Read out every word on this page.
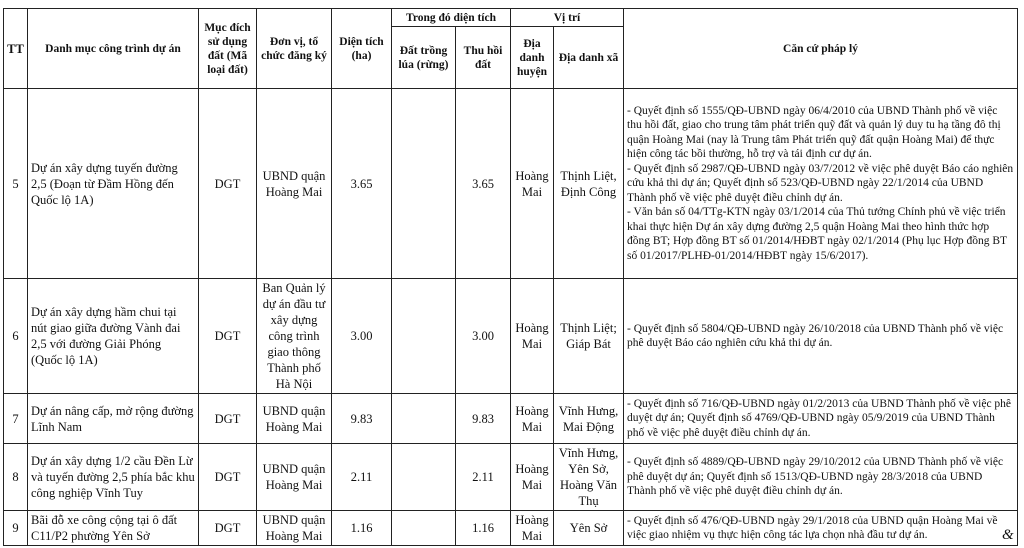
TT	Danh mục công trình dự án	Mục đích sử dụng đất (Mã loại đất)	Đơn vị, tổ chức đăng ký	Diện tích (ha)	Trong đó diện tích		Vị trí		Căn cứ pháp lý
					Đất trồng lúa (rừng)	Thu hồi đất	Địa danh huyện	Địa danh xã	
5	Dự án xây dựng tuyến đường 2,5 (Đoạn từ Đầm Hồng đến Quốc lộ 1A)	DGT	UBND quận Hoàng Mai	3.65		3.65	Hoàng Mai	Thịnh Liệt, Định Công	- Quyết định số 1555/QĐ-UBND ngày 06/4/2010 của UBND Thành phố về việc thu hồi đất, giao cho trung tâm phát triển quỹ đất và quản lý duy tu hạ tầng đô thị quận Hoàng Mai (nay là Trung tâm Phát triển quỹ đất quận Hoàng Mai) để thực hiện công tác bồi thường, hỗ trợ và tái định cư dự án.
- Quyết định số 2987/QĐ-UBND ngày 03/7/2012 về việc phê duyệt Báo cáo nghiên cứu khả thi dự án; Quyết định số 523/QĐ-UBND ngày 22/1/2014 của UBND Thành phố về việc phê duyệt điều chỉnh dự án.
- Văn bản số 04/TTg-KTN ngày 03/1/2014 của Thủ tướng Chính phủ về việc triển khai thực hiện Dự án xây dựng đường 2,5 quận Hoàng Mai theo hình thức hợp đồng BT; Hợp đồng BT số 01/2014/HĐBT ngày 02/1/2014 (Phụ lục Hợp đồng BT số 01/2017/PLHĐ-01/2014/HĐBT ngày 15/6/2017).

6	Dự án xây dựng hầm chui tại nút giao giữa đường Vành đai 2,5 với đường Giải Phóng (Quốc lộ 1A)	DGT	Ban Quản lý dự án đầu tư xây dựng công trình giao thông Thành phố Hà Nội	3.00		3.00	Hoàng Mai	Thịnh Liệt; Giáp Bát	- Quyết định số 5804/QĐ-UBND ngày 26/10/2018 của UBND Thành phố về việc phê duyệt Báo cáo nghiên cứu khả thi dự án.

7	Dự án nâng cấp, mở rộng đường Lĩnh Nam	DGT	UBND quận Hoàng Mai	9.83		9.83	Hoàng Mai	Vĩnh Hưng, Mai Động	- Quyết định số 716/QĐ-UBND ngày 01/2/2013 của UBND Thành phố về việc phê duyệt dự án; Quyết định số 4769/QĐ-UBND ngày 05/9/2019 của UBND Thành phố về việc phê duyệt điều chỉnh dự án.

8	Dự án xây dựng 1/2 cầu Đền Lừ và tuyến đường 2,5 phía bắc khu công nghiệp Vĩnh Tuy	DGT	UBND quận Hoàng Mai	2.11		2.11	Hoàng Mai	Vĩnh Hưng, Yên Sở, Hoàng Văn Thụ	- Quyết định số 4889/QĐ-UBND ngày 29/10/2012 của UBND Thành phố về việc phê duyệt dự án; Quyết định số 1513/QĐ-UBND ngày 28/3/2018 của UBND Thành phố về việc phê duyệt điều chỉnh dự án.

9	Bãi đỗ xe công cộng tại ô đất C11/P2 phường Yên Sở	DGT	UBND quận Hoàng Mai	1.16		1.16	Hoàng Mai	Yên Sở	- Quyết định số 476/QĐ-UBND ngày 29/1/2018 của UBND quận Hoàng Mai về việc giao nhiệm vụ thực hiện công tác lựa chọn nhà đầu tư dự án.	&
